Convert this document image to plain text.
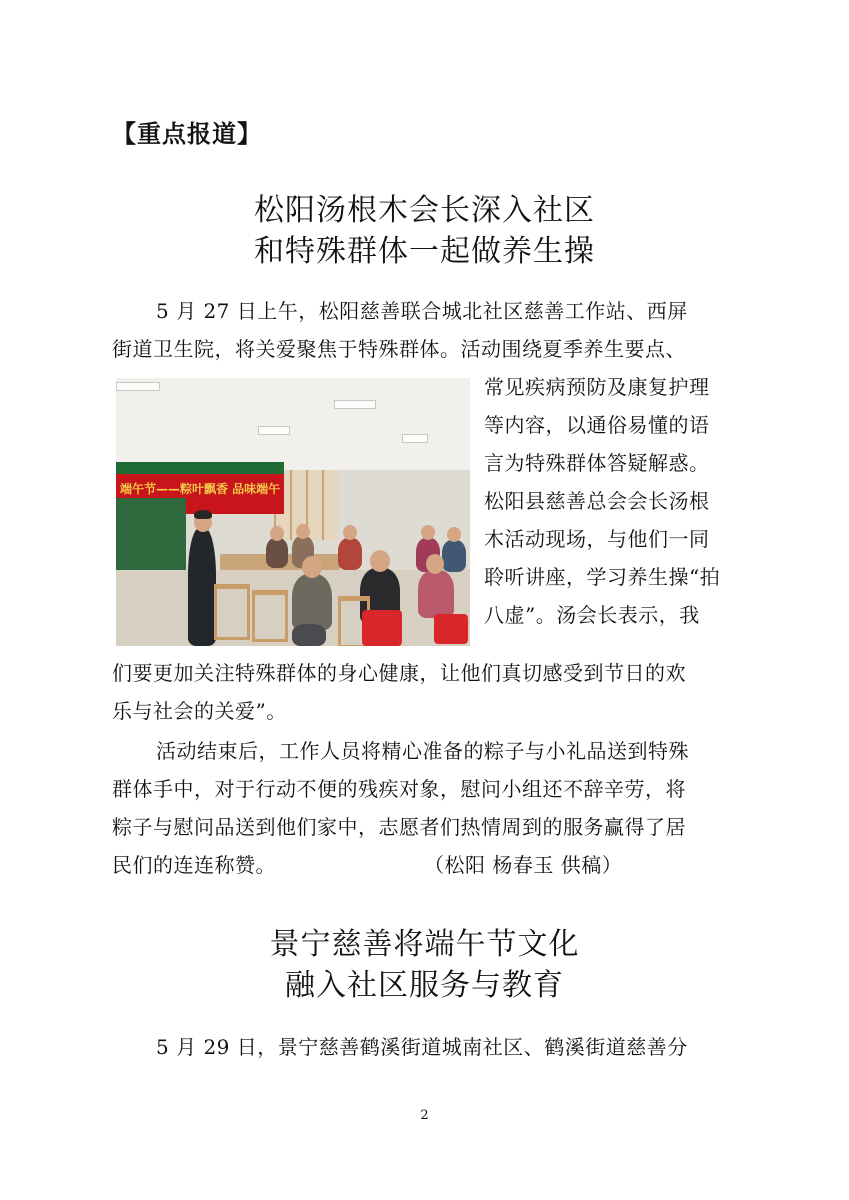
【重点报道】
松阳汤根木会长深入社区
和特殊群体一起做养生操
5 月 27 日上午，松阳慈善联合城北社区慈善工作站、西屏
街道卫生院，将关爱聚焦于特殊群体。活动围绕夏季养生要点、
端午节——粽叶飘香 品味端午
常见疾病预防及康复护理
等内容，以通俗易懂的语
言为特殊群体答疑解惑。
松阳县慈善总会会长汤根
木活动现场，与他们一同
聆听讲座，学习养生操“拍
八虚”。汤会长表示，我
们要更加关注特殊群体的身心健康，让他们真切感受到节日的欢
乐与社会的关爱”。
活动结束后，工作人员将精心准备的粽子与小礼品送到特殊
群体手中，对于行动不便的残疾对象，慰问小组还不辞辛劳，将
粽子与慰问品送到他们家中，志愿者们热情周到的服务赢得了居
民们的连连称赞。	（松阳 杨春玉 供稿）
景宁慈善将端午节文化
融入社区服务与教育
5 月 29 日，景宁慈善鹤溪街道城南社区、鹤溪街道慈善分
2
